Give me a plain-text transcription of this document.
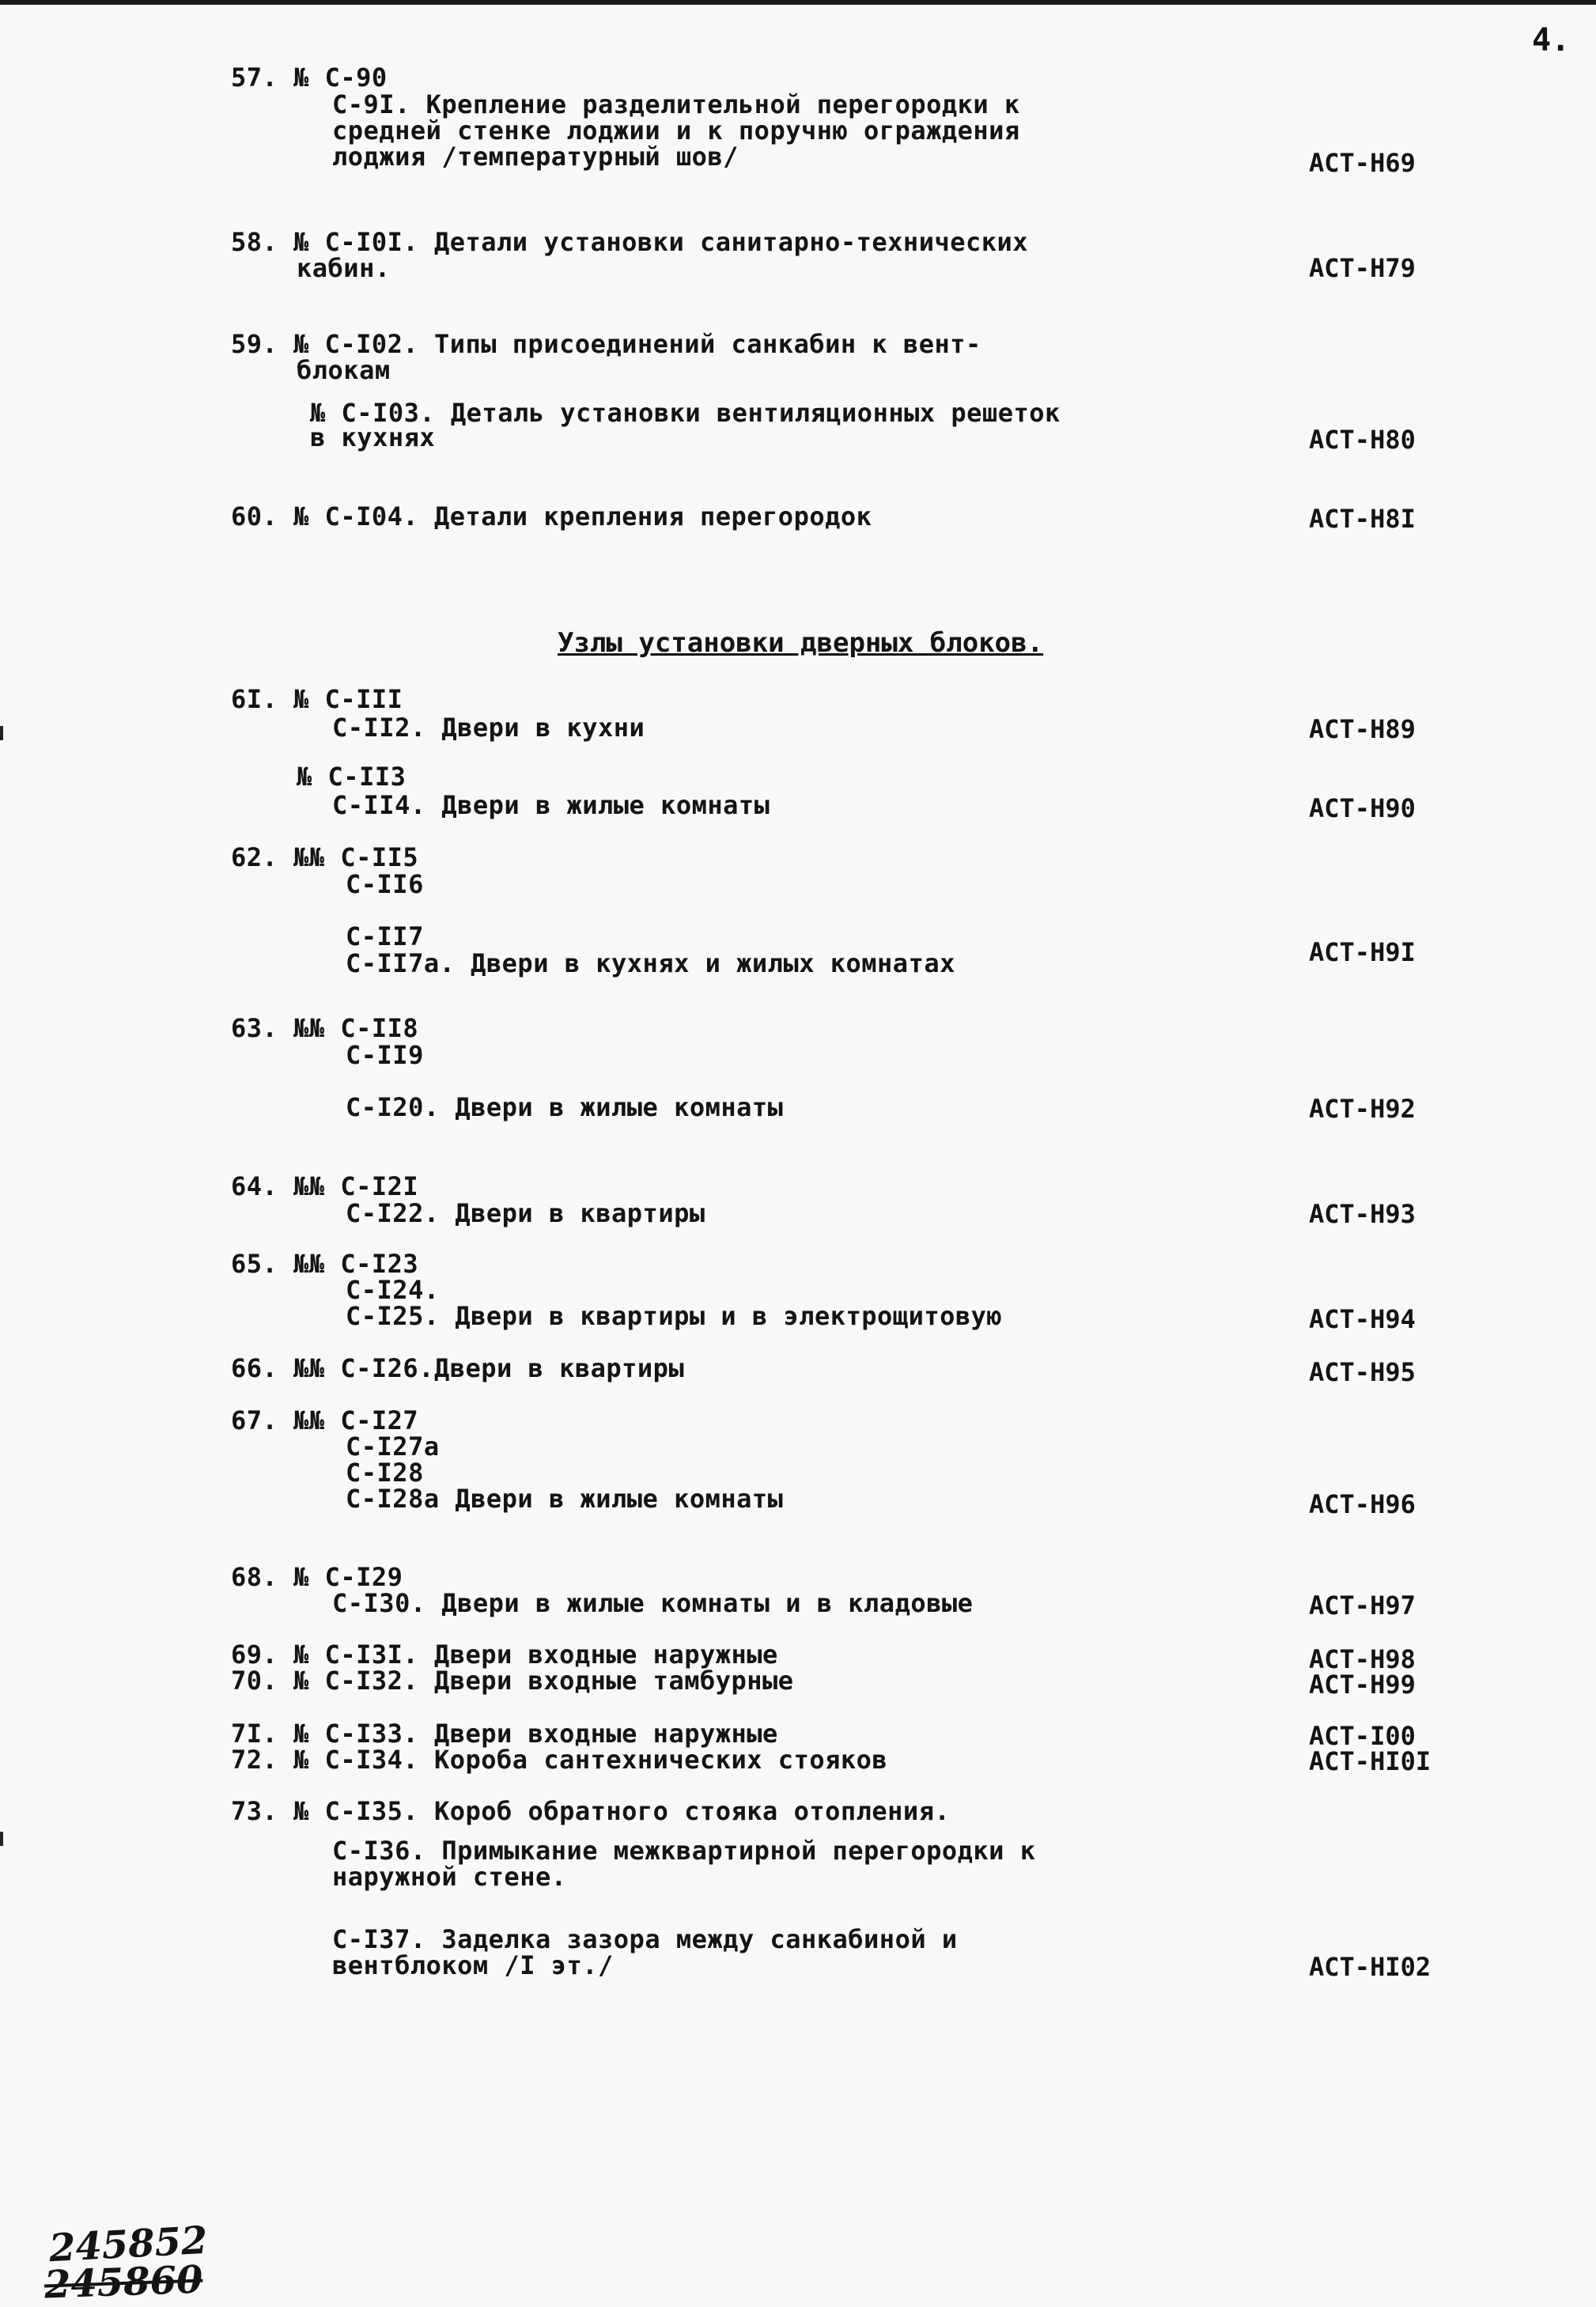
4.
57. № С-90
С-9I. Крепление разделительной перегородки к
средней стенке лоджии и к поручню ограждения
лоджия /температурный шов/
58. № С-I0I. Детали установки санитарно-технических
кабин.
59. № С-I02. Типы присоединений санкабин к вент-
блокам
№ С-I03. Деталь установки вентиляционных решеток
в кухнях
60. № С-I04. Детали крепления перегородок
6I. № С-III
С-II2. Двери в кухни
№ С-II3
С-II4. Двери в жилые комнаты
62. №№ С-II5
С-II6
С-II7
С-II7а. Двери в кухнях и жилых комнатах
63. №№ С-II8
С-II9
С-I20. Двери в жилые комнаты
64. №№ С-I2I
С-I22. Двери в квартиры
65. №№ С-I23
С-I24.
С-I25. Двери в квартиры и в электрощитовую
66. №№ С-I26.Двери в квартиры
67. №№ С-I27
С-I27а
С-I28
С-I28а Двери в жилые комнаты
68. № С-I29
С-I30. Двери в жилые комнаты и в кладовые
69. № С-I3I. Двери входные наружные
70. № С-I32. Двери входные тамбурные
7I. № С-I33. Двери входные наружные
72. № С-I34. Короба сантехнических стояков
73. № С-I35. Короб обратного стояка отопления.
С-I36. Примыкание межквартирной перегородки к
наружной стене.
С-I37. Заделка зазора между санкабиной и
вентблоком /I эт./
АСТ-Н69
АСТ-Н79
АСТ-Н80
АСТ-Н8I
АСТ-Н89
АСТ-Н90
АСТ-Н9I
АСТ-Н92
АСТ-Н93
АСТ-Н94
АСТ-Н95
АСТ-Н96
АСТ-Н97
АСТ-Н98
АСТ-Н99
АСТ-I00
АСТ-НI0I
АСТ-НI02
Узлы установки дверных блоков.
245852
245860
